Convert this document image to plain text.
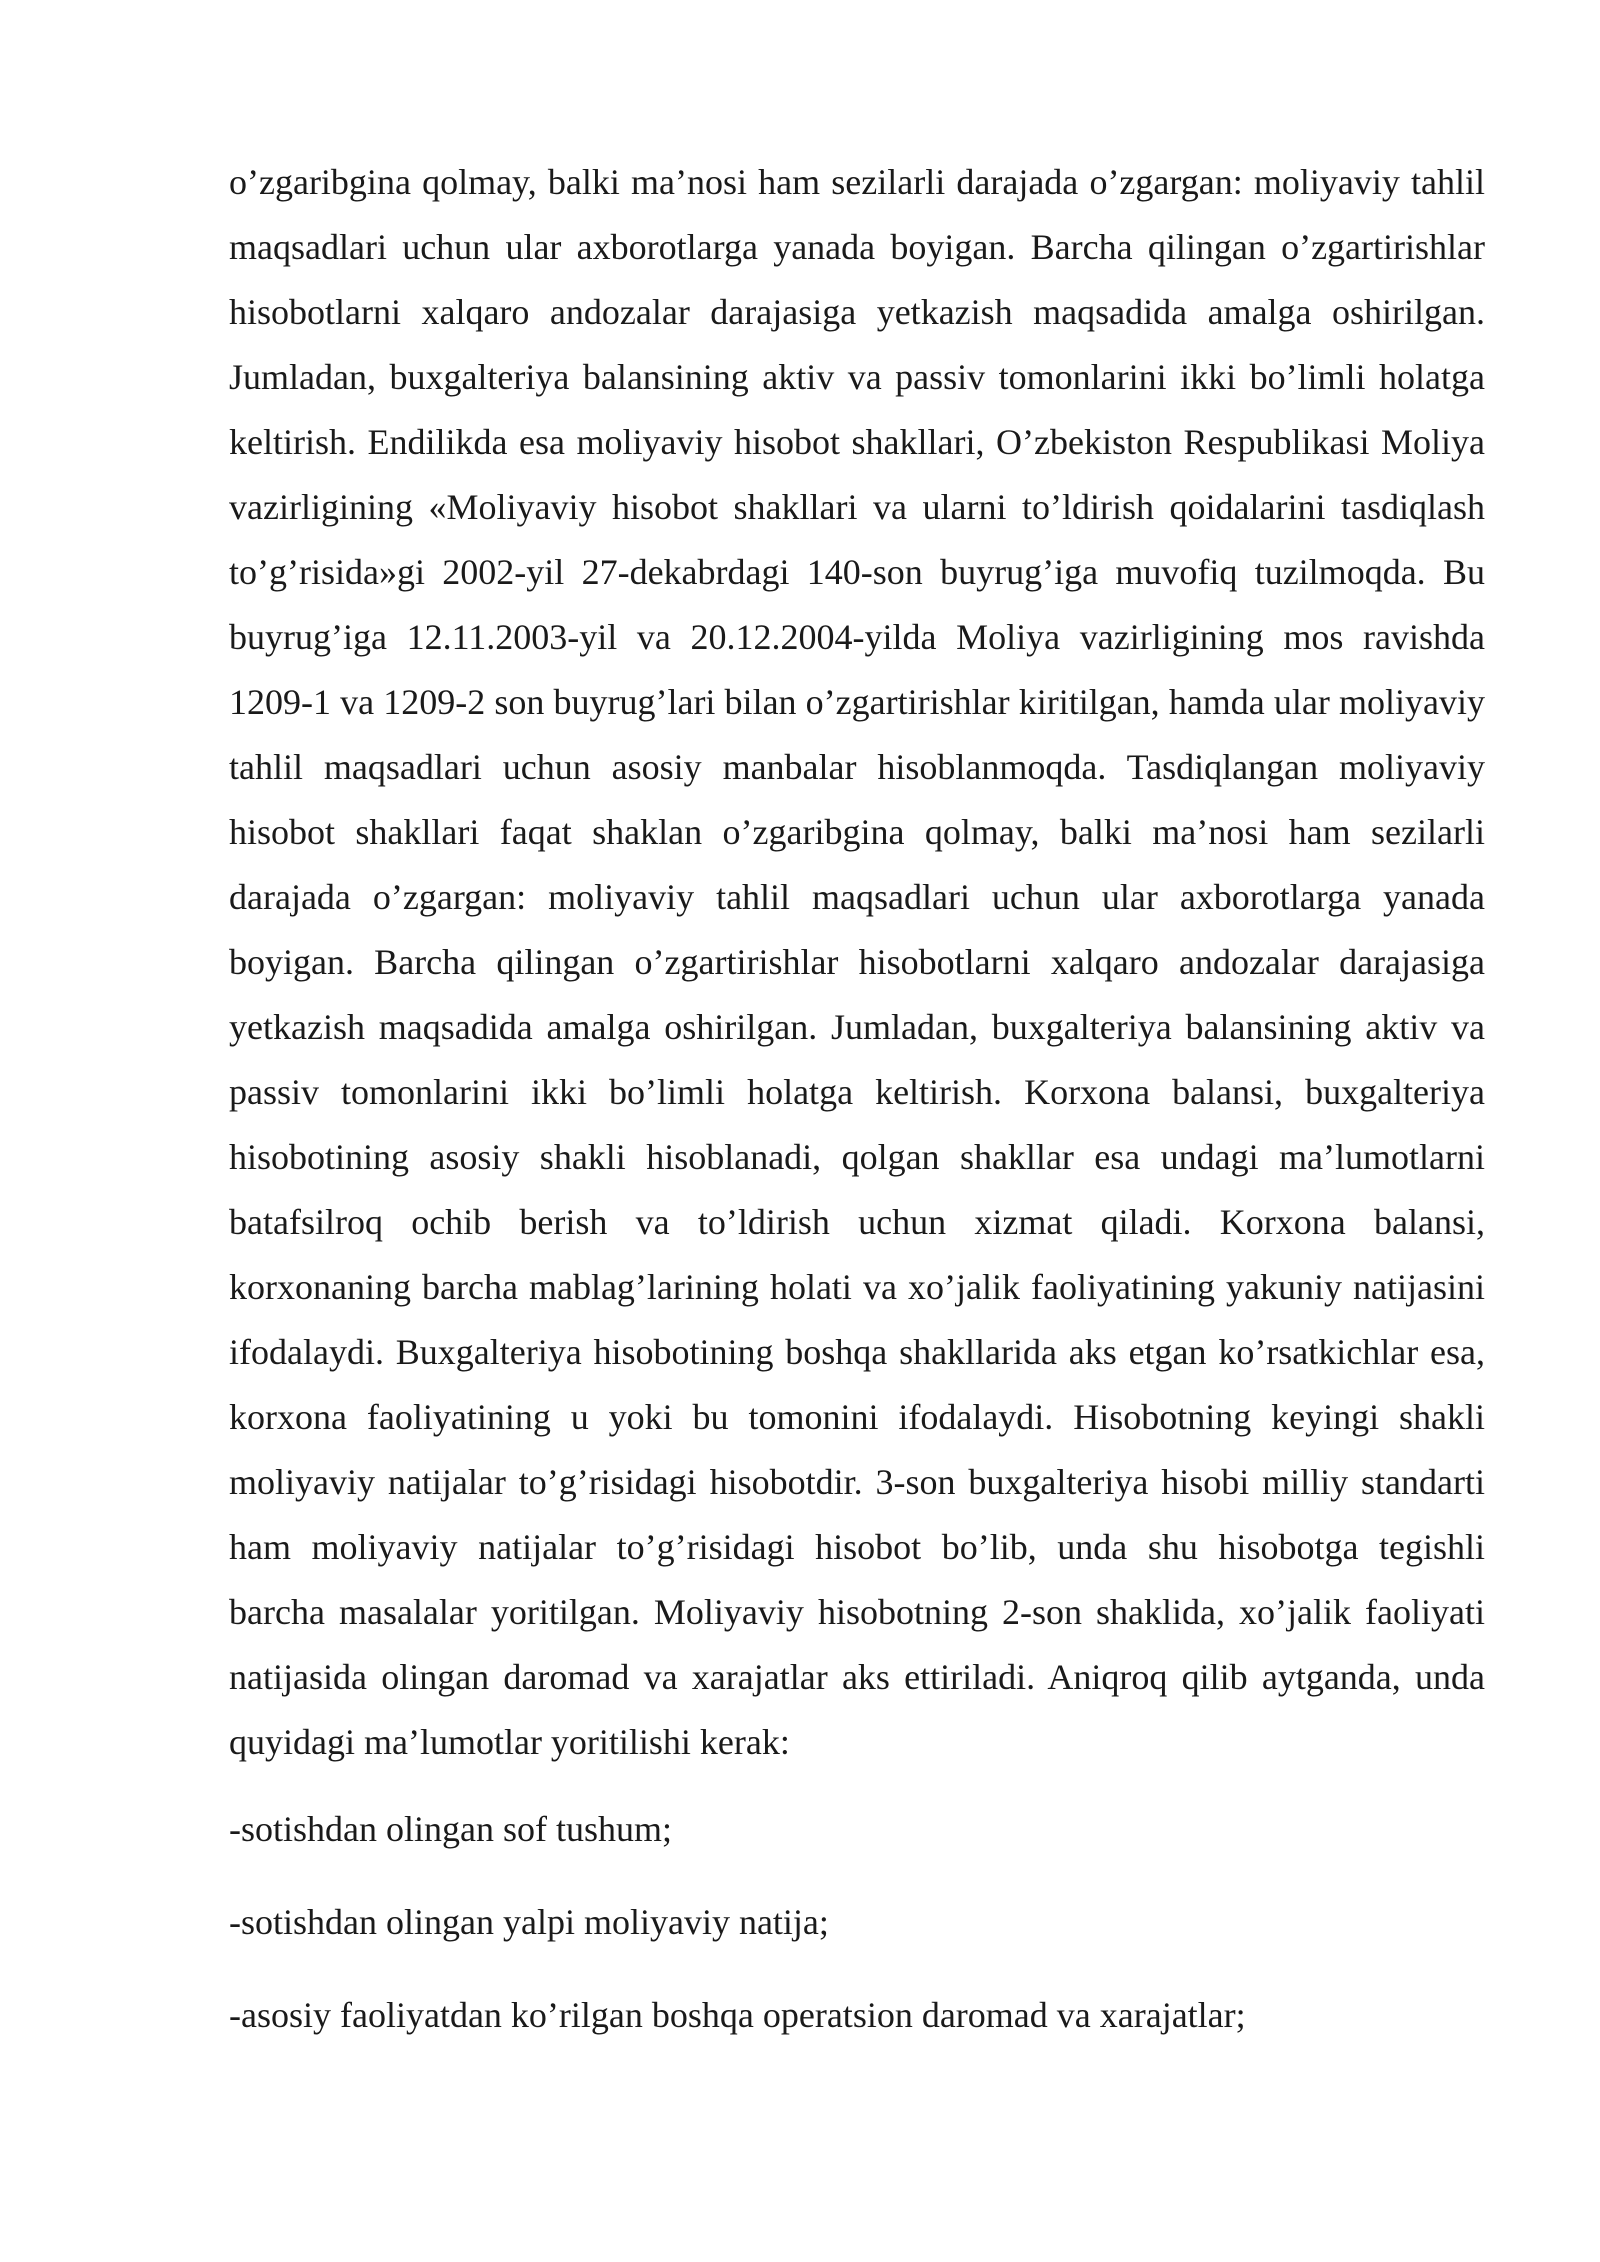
o’zgaribgina qolmay, balki ma’nosi ham sezilarli darajada o’zgargan: moliyaviy tahlil maqsadlari uchun ular axborotlarga yanada boyigan. Barcha qilingan o’zgartirishlar hisobotlarni xalqaro andozalar darajasiga yetkazish maqsadida amalga oshirilgan. Jumladan, buxgalteriya balansining aktiv va passiv tomonlarini ikki bo’limli holatga keltirish. Endilikda esa moliyaviy hisobot shakllari, O’zbekiston Respublikasi Moliya vazirligining «Moliyaviy hisobot shakllari va ularni to’ldirish qoidalarini tasdiqlash to’g’risida»gi 2002-yil 27-dekabrdagi 140-son buyrug’iga muvofiq tuzilmoqda. Bu buyrug’iga 12.11.2003-yil va 20.12.2004-yilda Moliya vazirligining mos ravishda 1209-1 va 1209-2 son buyrug’lari bilan o’zgartirishlar kiritilgan, hamda ular moliyaviy tahlil maqsadlari uchun asosiy manbalar hisoblanmoqda. Tasdiqlangan moliyaviy hisobot shakllari faqat shaklan o’zgaribgina qolmay, balki ma’nosi ham sezilarli darajada o’zgargan: moliyaviy tahlil maqsadlari uchun ular axborotlarga yanada boyigan. Barcha qilingan o’zgartirishlar hisobotlarni xalqaro andozalar darajasiga yetkazish maqsadida amalga oshirilgan. Jumladan, buxgalteriya balansining aktiv va passiv tomonlarini ikki bo’limli holatga keltirish. Korxona balansi, buxgalteriya hisobotining asosiy shakli hisoblanadi, qolgan shakllar esa undagi ma’lumotlarni batafsilroq ochib berish va to’ldirish uchun xizmat qiladi. Korxona balansi, korxonaning barcha mablag’larining holati va xo’jalik faoliyatining yakuniy natijasini ifodalaydi. Buxgalteriya hisobotining boshqa shakllarida aks etgan ko’rsatkichlar esa, korxona faoliyatining u yoki bu tomonini ifodalaydi. Hisobotning keyingi shakli moliyaviy natijalar to’g’risidagi hisobotdir. 3-son buxgalteriya hisobi milliy standarti ham moliyaviy natijalar to’g’risidagi hisobot bo’lib, unda shu hisobotga tegishli barcha masalalar yoritilgan. Moliyaviy hisobotning 2-son shaklida, xo’jalik faoliyati natijasida olingan daromad va xarajatlar aks ettiriladi. Aniqroq qilib aytganda, unda quyidagi ma’lumotlar yoritilishi kerak:

-sotishdan olingan sof tushum;
-sotishdan olingan yalpi moliyaviy natija;
-asosiy faoliyatdan ko’rilgan boshqa operatsion daromad va xarajatlar;
